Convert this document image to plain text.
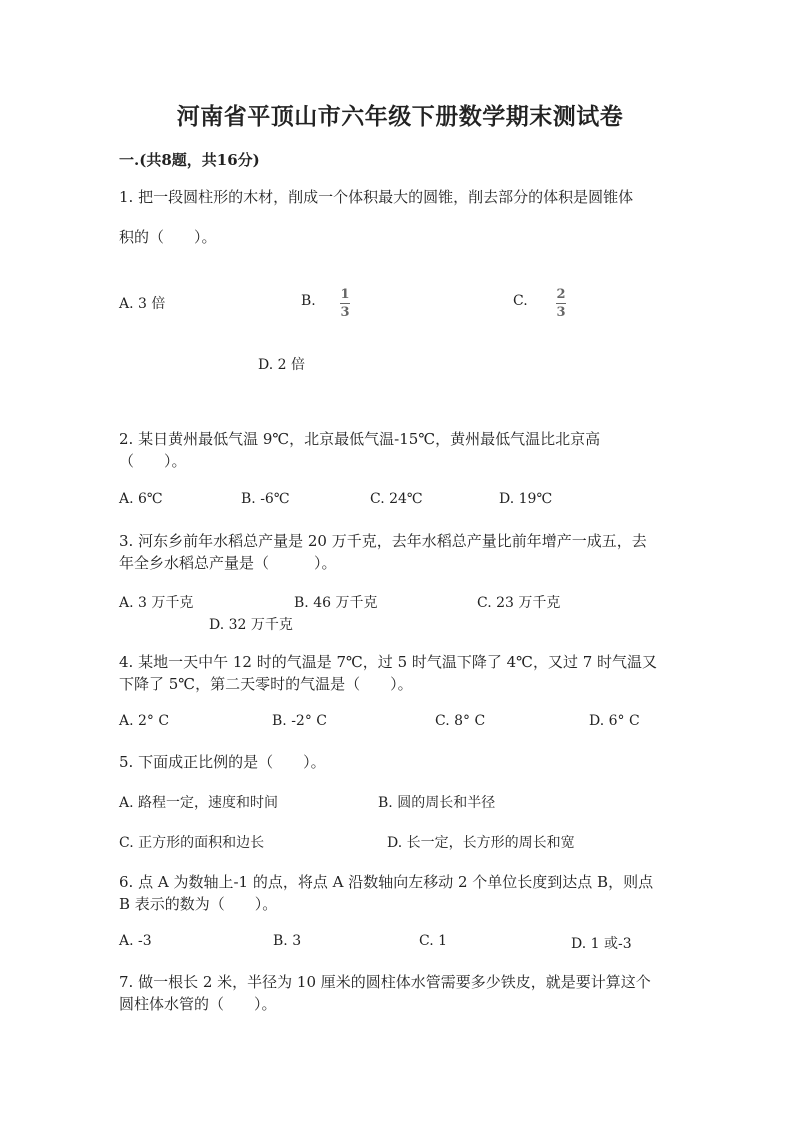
河南省平顶山市六年级下册数学期末测试卷
一.(共8题，共16分)
1. 把一段圆柱形的木材，削成一个体积最大的圆锥，削去部分的体积是圆锥体
积的（　　）。
A. 3 倍	B. 1
3
C. 2
3
D. 2 倍
2. 某日黄州最低气温 9℃，北京最低气温-15℃，黄州最低气温比北京高
（　　）。
A. 6℃	B. -6℃	C. 24℃	D. 19℃
3. 河东乡前年水稻总产量是 20 万千克，去年水稻总产量比前年增产一成五，去
年全乡水稻总产量是（　　　）。
A. 3 万千克	B. 46 万千克	C. 23 万千克
D. 32 万千克
4. 某地一天中午 12 时的气温是 7℃，过 5 时气温下降了 4℃，又过 7 时气温又
下降了 5℃，第二天零时的气温是（　　）。
A. 2° C	B. -2° C	C. 8° C	D. 6° C
5. 下面成正比例的是（　　）。
A. 路程一定，速度和时间	B. 圆的周长和半径
C. 正方形的面积和边长	D. 长一定，长方形的周长和宽
6. 点 A 为数轴上-1 的点，将点 A 沿数轴向左移动 2 个单位长度到达点 B，则点
B 表示的数为（　　）。
A. -3	B. 3	C. 1	D. 1 或-3
7. 做一根长 2 米，半径为 10 厘米的圆柱体水管需要多少铁皮，就是要计算这个
圆柱体水管的（　　）。
